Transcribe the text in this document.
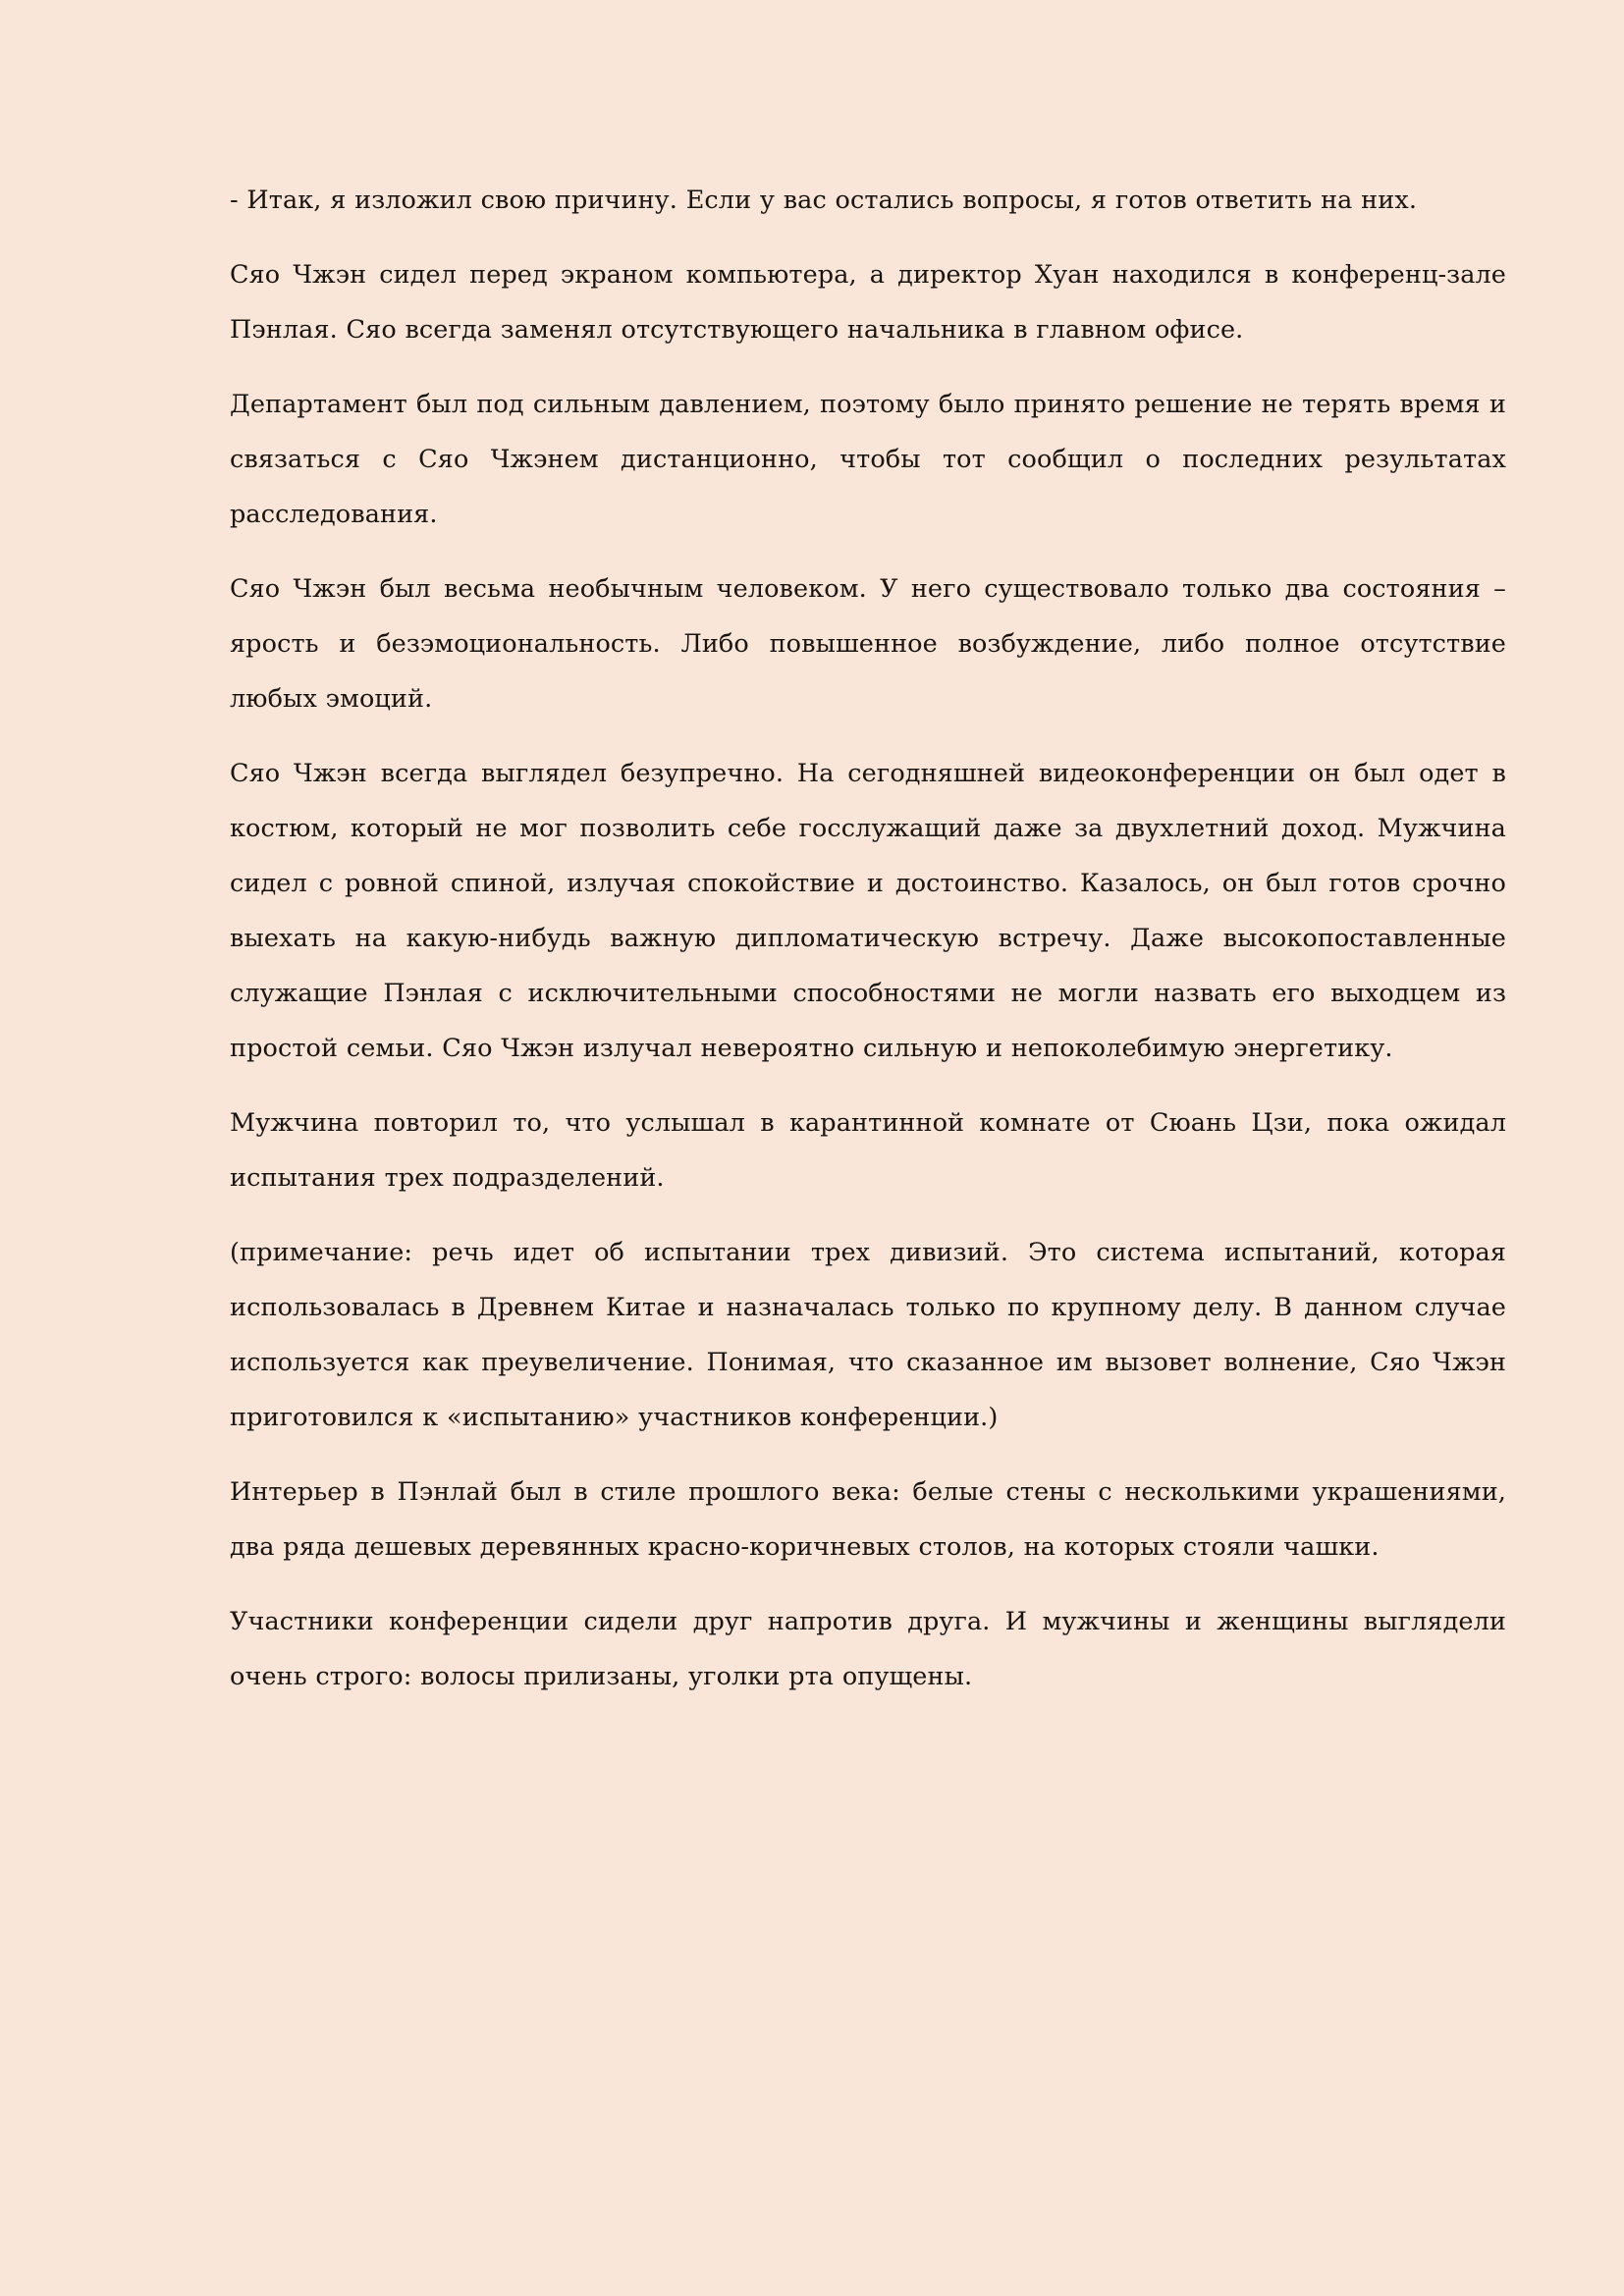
- Итак, я изложил свою причину. Если у вас остались вопросы, я готов ответить на них.

Сяо Чжэн сидел перед экраном компьютера, а директор Хуан находился в конференц-зале Пэнлая. Сяо всегда заменял отсутствующего начальника в главном офисе.

Департамент был под сильным давлением, поэтому было принято решение не терять время и связаться с Сяо Чжэнем дистанционно, чтобы тот сообщил о последних результатах расследования.

Сяо Чжэн был весьма необычным человеком. У него существовало только два состояния – ярость и безэмоциональность. Либо повышенное возбуждение, либо полное отсутствие любых эмоций.

Сяо Чжэн всегда выглядел безупречно. На сегодняшней видеоконференции он был одет в костюм, который не мог позволить себе госслужащий даже за двухлетний доход. Мужчина сидел с ровной спиной, излучая спокойствие и достоинство. Казалось, он был готов срочно выехать на какую-нибудь важную дипломатическую встречу. Даже высокопоставленные служащие Пэнлая с исключительными способностями не могли назвать его выходцем из простой семьи. Сяо Чжэн излучал невероятно сильную и непоколебимую энергетику.

Мужчина повторил то, что услышал в карантинной комнате от Сюань Цзи, пока ожидал испытания трех подразделений.

(примечание: речь идет об испытании трех дивизий. Это система испытаний, которая использовалась в Древнем Китае и назначалась только по крупному делу. В данном случае используется как преувеличение. Понимая, что сказанное им вызовет волнение, Сяо Чжэн приготовился к «испытанию» участников конференции.)

Интерьер в Пэнлай был в стиле прошлого века: белые стены с несколькими украшениями, два ряда дешевых деревянных красно-коричневых столов, на которых стояли чашки.

Участники конференции сидели друг напротив друга. И мужчины и женщины выглядели очень строго: волосы прилизаны, уголки рта опущены.
